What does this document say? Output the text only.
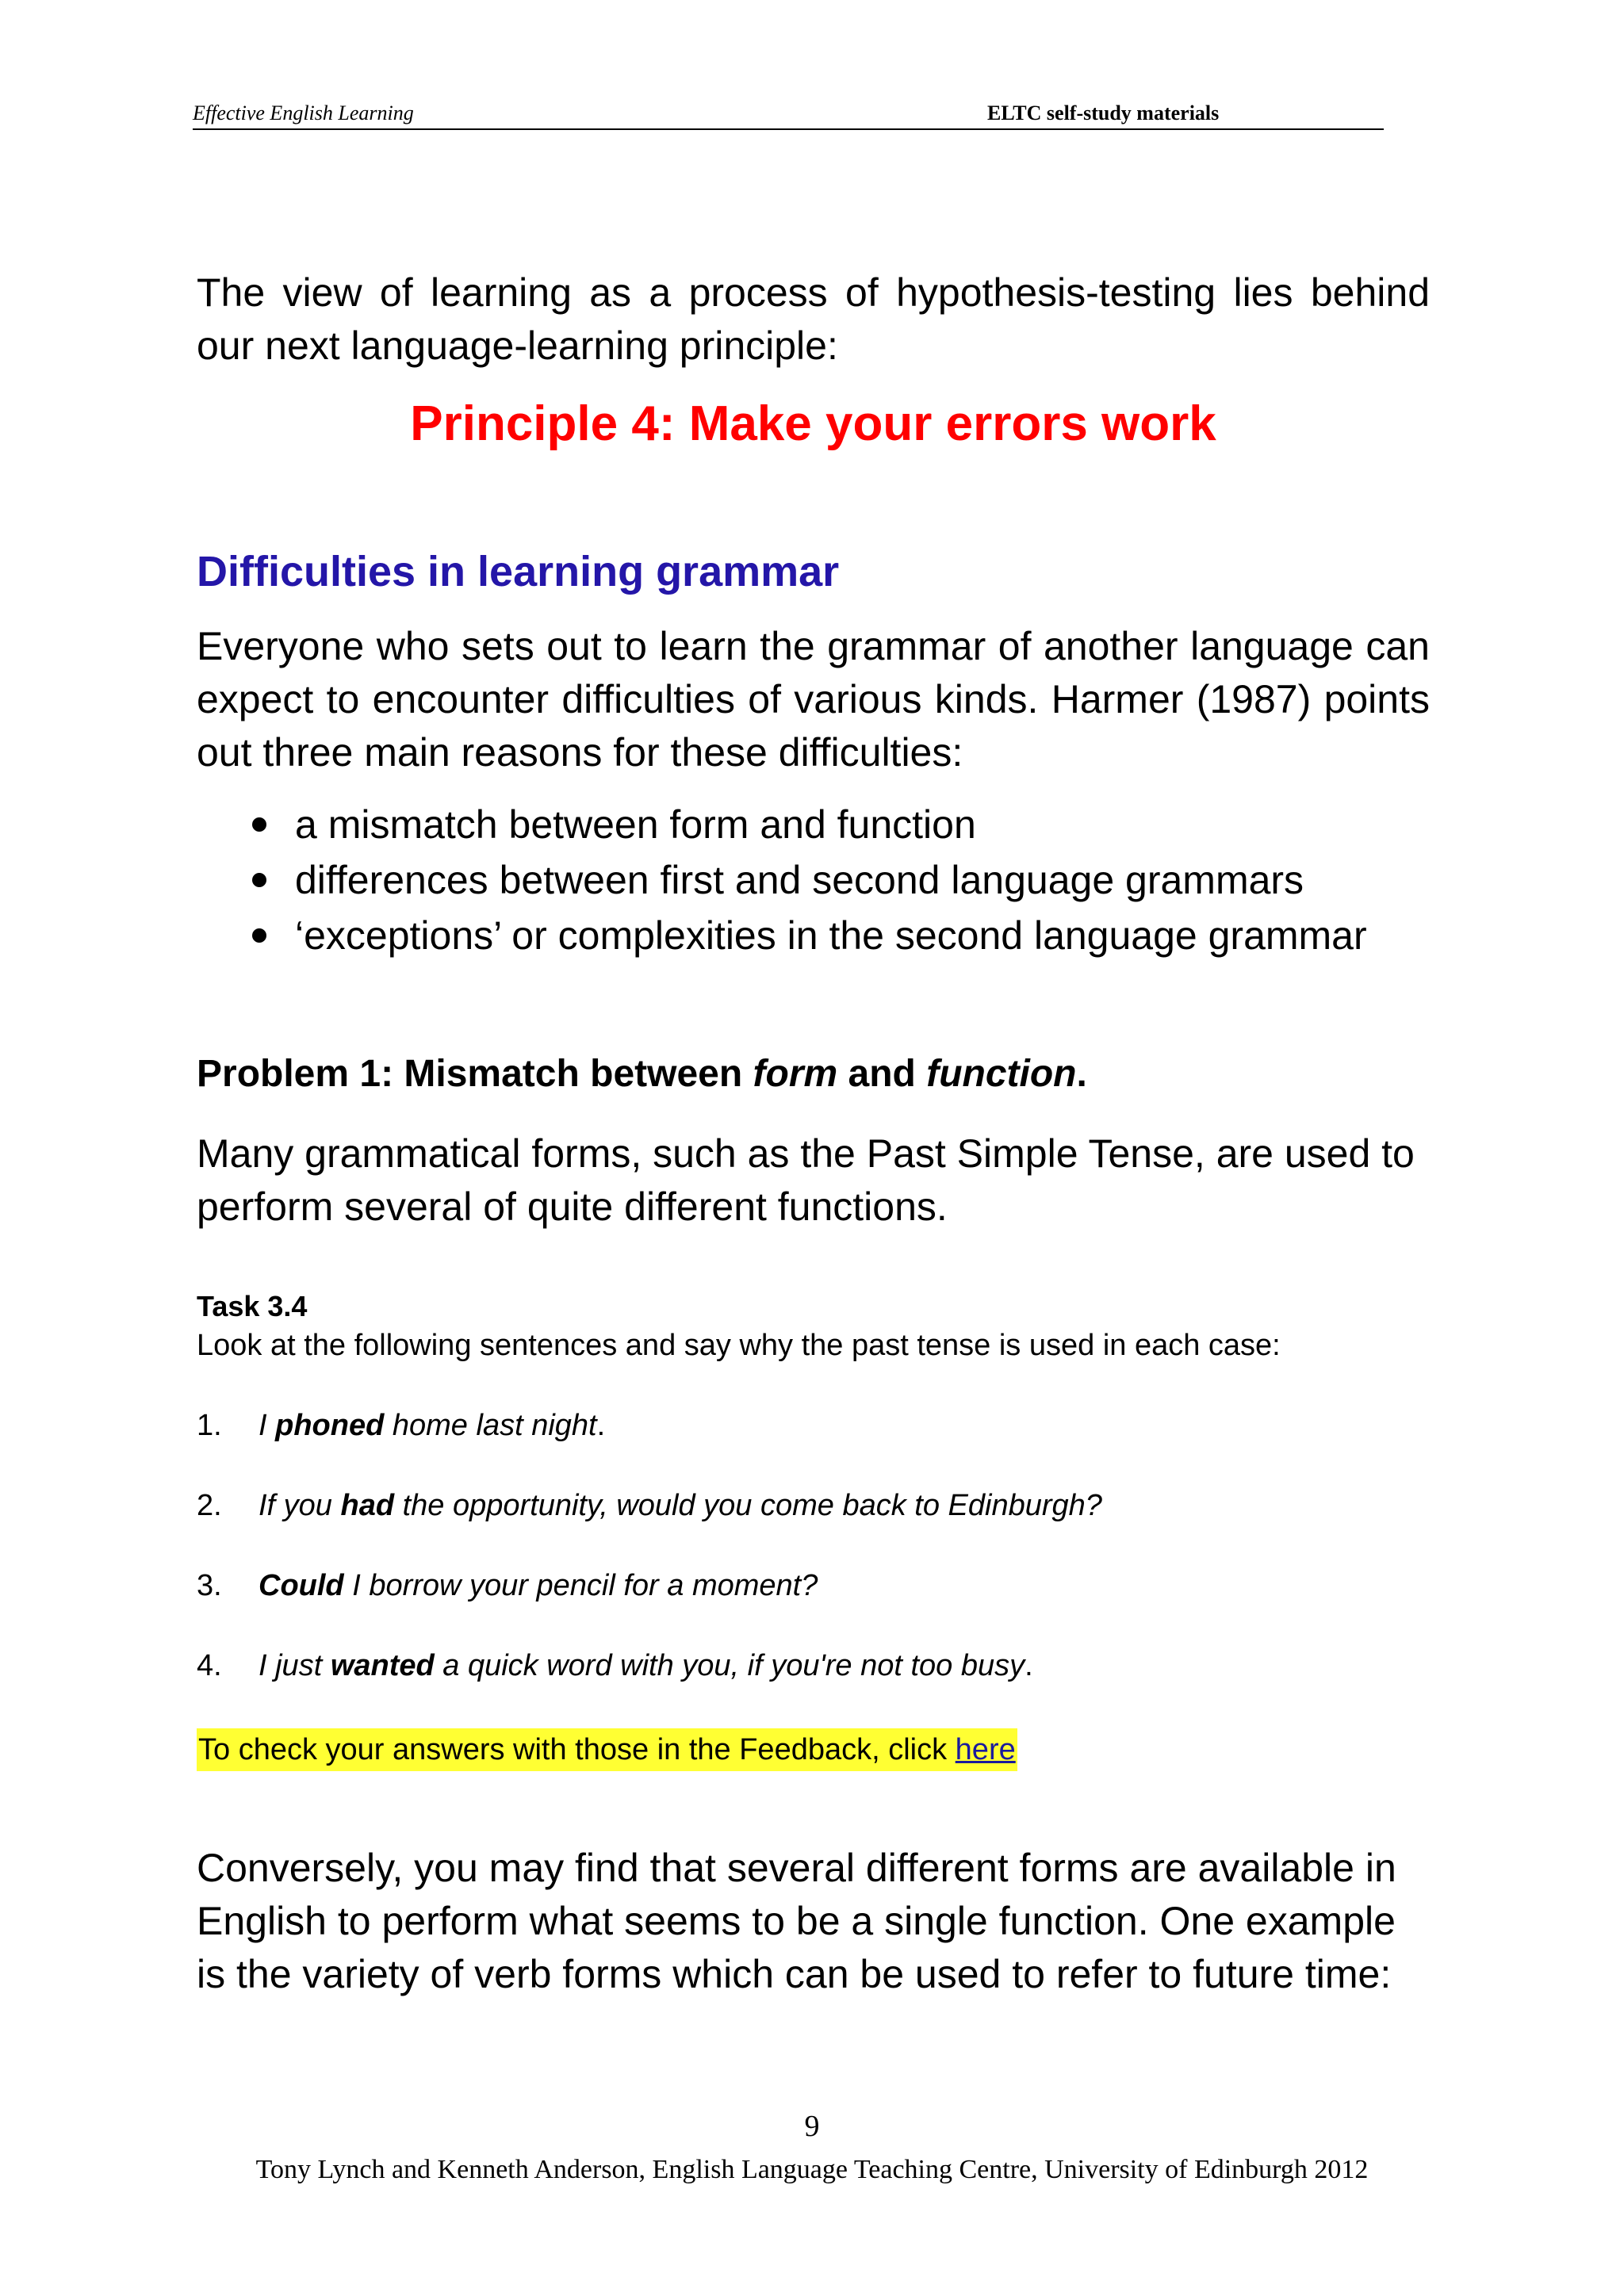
Effective English Learning	ELTC self-study materials

The view of learning as a process of hypothesis-testing lies behind our next language-learning principle:

Principle 4: Make your errors work
Difficulties in learning grammar

Everyone who sets out to learn the grammar of another language can expect to encounter difficulties of various kinds. Harmer (1987) points out three main reasons for these difficulties:

a mismatch between form and function
differences between first and second language grammars
‘exceptions’ or complexities in the second language grammar
Problem 1: Mismatch between form and function.

Many grammatical forms, such as the Past Simple Tense, are used to perform several of quite different functions.

Task 3.4
Look at the following sentences and say why the past tense is used in each case:
1. I phoned home last night.
2. If you had the opportunity, would you come back to Edinburgh?
3. Could I borrow your pencil for a moment?
4. I just wanted a quick word with you, if you're not too busy.
To check your answers with those in the Feedback, click here

Conversely, you may find that several different forms are available in English to perform what seems to be a single function. One example is the variety of verb forms which can be used to refer to future time:

9
Tony Lynch and Kenneth Anderson, English Language Teaching Centre, University of Edinburgh 2012
